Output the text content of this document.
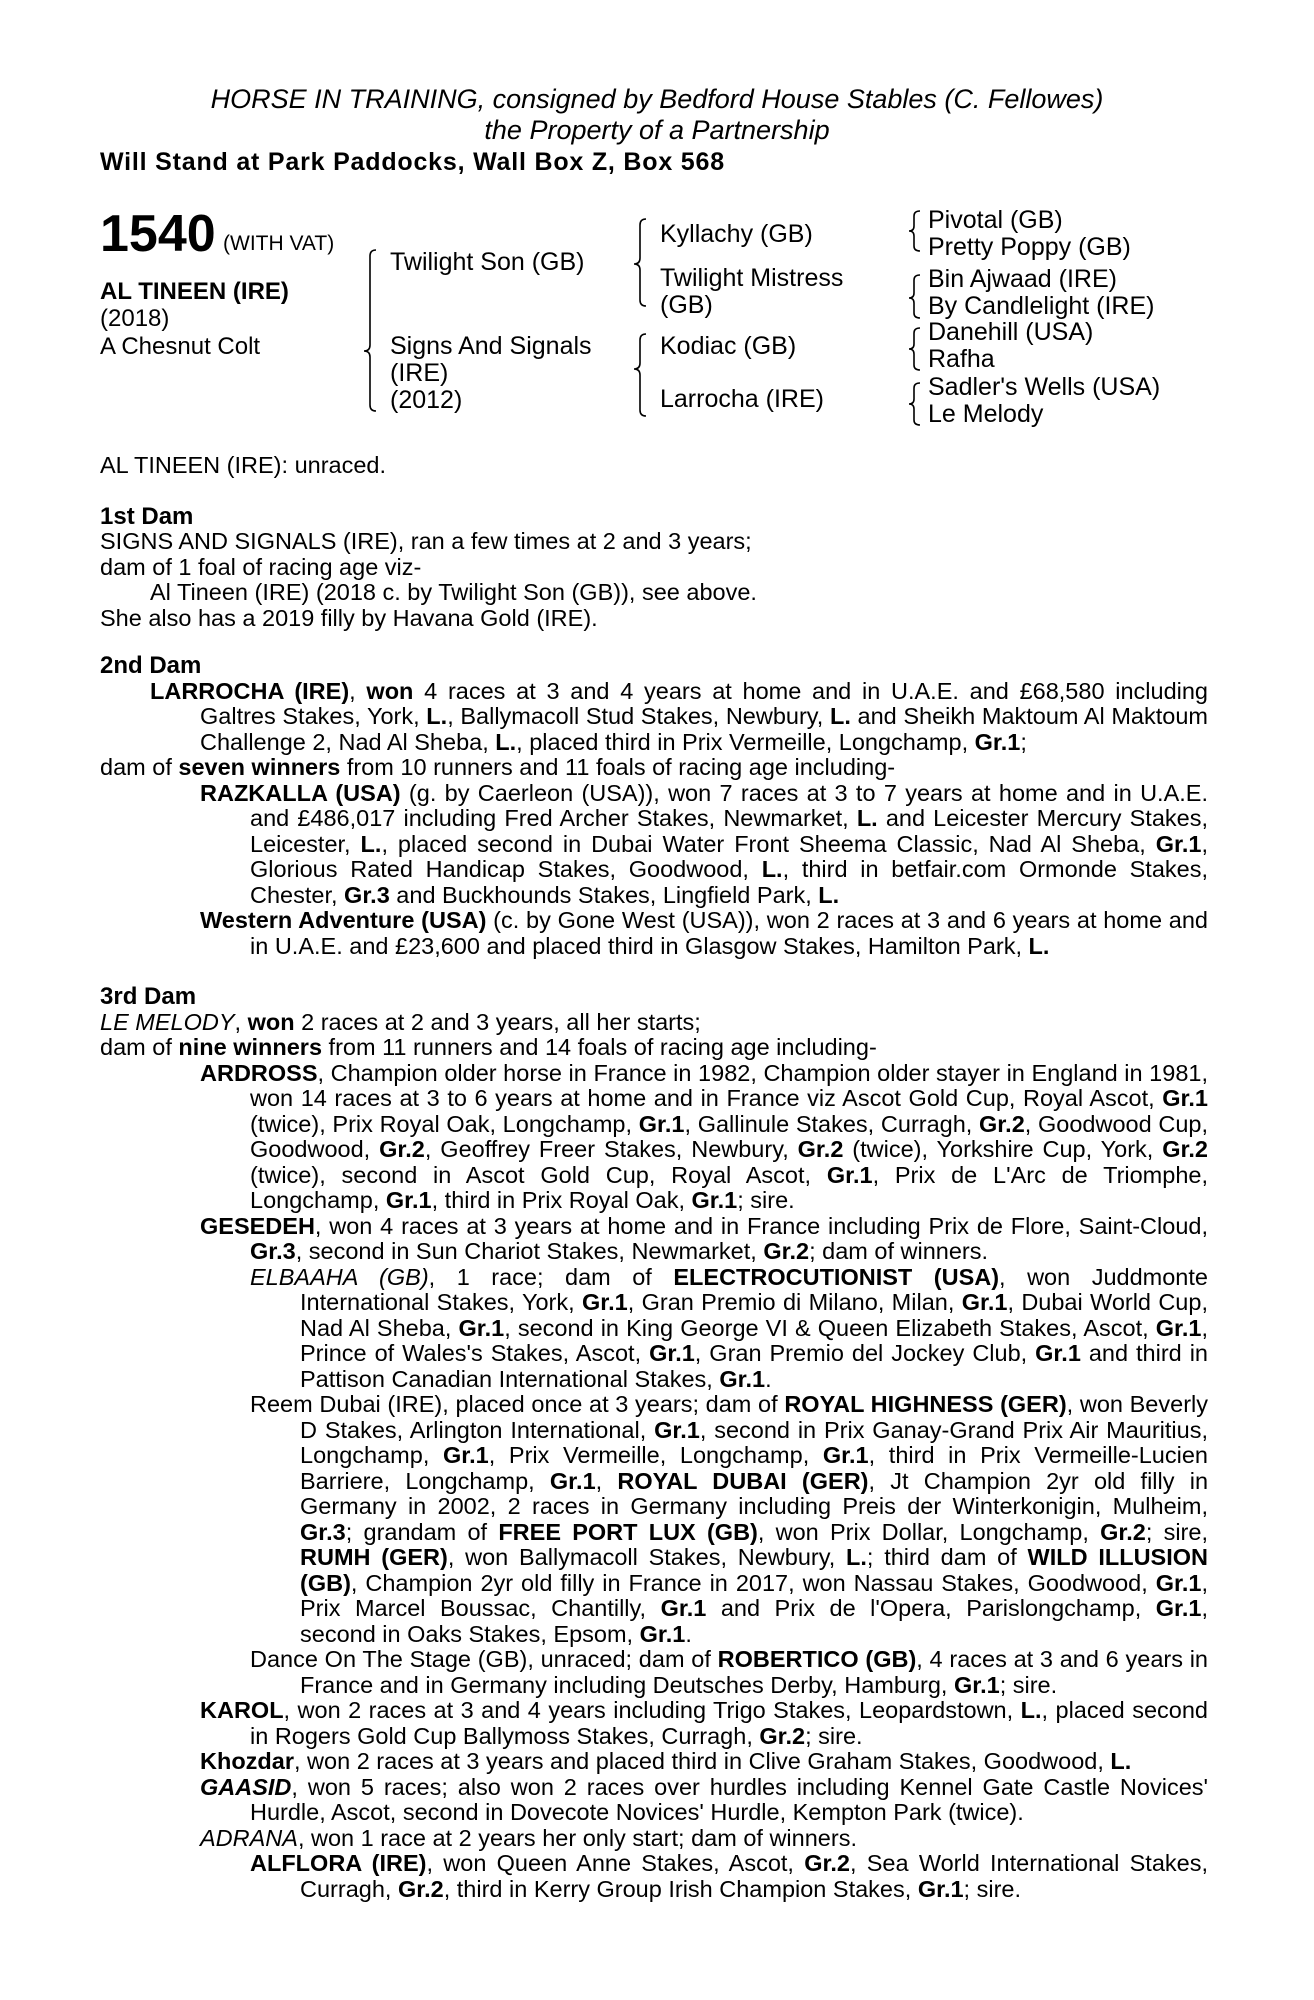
HORSE IN TRAINING, consigned by Bedford House Stables (C. Fellowes)
the Property of a Partnership
Will Stand at Park Paddocks, Wall Box Z, Box 568
1540 (WITH VAT)
AL TINEEN (IRE)
(2018)
A Chesnut Colt
Twilight Son (GB)
Signs And Signals
(IRE)
(2012)
Kyllachy (GB)
Twilight Mistress
(GB)
Kodiac (GB)
Larrocha (IRE)
Pivotal (GB)
Pretty Poppy (GB)
Bin Ajwaad (IRE)
By Candlelight (IRE)
Danehill (USA)
Rafha
Sadler's Wells (USA)
Le Melody

AL TINEEN (IRE): unraced.

1st Dam

SIGNS AND SIGNALS (IRE), ran a few times at 2 and 3 years;

dam of 1 foal of racing age viz-

Al Tineen (IRE) (2018 c. by Twilight Son (GB)), see above.

She also has a 2019 filly by Havana Gold (IRE).

2nd Dam

LARROCHA (IRE), won 4 races at 3 and 4 years at home and in U.A.E. and £68,580 including Galtres Stakes, York, L., Ballymacoll Stud Stakes, Newbury, L. and Sheikh Maktoum Al Maktoum Challenge 2, Nad Al Sheba, L., placed third in Prix Vermeille, Longchamp, Gr.1;

dam of seven winners from 10 runners and 11 foals of racing age including-

RAZKALLA (USA) (g. by Caerleon (USA)), won 7 races at 3 to 7 years at home and in U.A.E. and £486,017 including Fred Archer Stakes, Newmarket, L. and Leicester Mercury Stakes, Leicester, L., placed second in Dubai Water Front Sheema Classic, Nad Al Sheba, Gr.1, Glorious Rated Handicap Stakes, Goodwood, L., third in betfair.com Ormonde Stakes, Chester, Gr.3 and Buckhounds Stakes, Lingfield Park, L.

Western Adventure (USA) (c. by Gone West (USA)), won 2 races at 3 and 6 years at home and in U.A.E. and £23,600 and placed third in Glasgow Stakes, Hamilton Park, L.

3rd Dam

LE MELODY, won 2 races at 2 and 3 years, all her starts;

dam of nine winners from 11 runners and 14 foals of racing age including-

ARDROSS, Champion older horse in France in 1982, Champion older stayer in England in 1981, won 14 races at 3 to 6 years at home and in France viz Ascot Gold Cup, Royal Ascot, Gr.1 (twice), Prix Royal Oak, Longchamp, Gr.1, Gallinule Stakes, Curragh, Gr.2, Goodwood Cup, Goodwood, Gr.2, Geoffrey Freer Stakes, Newbury, Gr.2 (twice), Yorkshire Cup, York, Gr.2 (twice), second in Ascot Gold Cup, Royal Ascot, Gr.1, Prix de L'Arc de Triomphe, Longchamp, Gr.1, third in Prix Royal Oak, Gr.1; sire.

GESEDEH, won 4 races at 3 years at home and in France including Prix de Flore, Saint-Cloud, Gr.3, second in Sun Chariot Stakes, Newmarket, Gr.2; dam of winners.

ELBAAHA (GB), 1 race; dam of ELECTROCUTIONIST (USA), won Juddmonte International Stakes, York, Gr.1, Gran Premio di Milano, Milan, Gr.1, Dubai World Cup, Nad Al Sheba, Gr.1, second in King George VI & Queen Elizabeth Stakes, Ascot, Gr.1, Prince of Wales's Stakes, Ascot, Gr.1, Gran Premio del Jockey Club, Gr.1 and third in Pattison Canadian International Stakes, Gr.1.

Reem Dubai (IRE), placed once at 3 years; dam of ROYAL HIGHNESS (GER), won Beverly D Stakes, Arlington International, Gr.1, second in Prix Ganay-Grand Prix Air Mauritius, Longchamp, Gr.1, Prix Vermeille, Longchamp, Gr.1, third in Prix Vermeille-Lucien Barriere, Longchamp, Gr.1, ROYAL DUBAI (GER), Jt Champion 2yr old filly in Germany in 2002, 2 races in Germany including Preis der Winterkonigin, Mulheim, Gr.3; grandam of FREE PORT LUX (GB), won Prix Dollar, Longchamp, Gr.2; sire, RUMH (GER), won Ballymacoll Stakes, Newbury, L.; third dam of WILD ILLUSION (GB), Champion 2yr old filly in France in 2017, won Nassau Stakes, Goodwood, Gr.1, Prix Marcel Boussac, Chantilly, Gr.1 and Prix de l'Opera, Parislongchamp, Gr.1, second in Oaks Stakes, Epsom, Gr.1.

Dance On The Stage (GB), unraced; dam of ROBERTICO (GB), 4 races at 3 and 6 years in France and in Germany including Deutsches Derby, Hamburg, Gr.1; sire.

KAROL, won 2 races at 3 and 4 years including Trigo Stakes, Leopardstown, L., placed second in Rogers Gold Cup Ballymoss Stakes, Curragh, Gr.2; sire.

Khozdar, won 2 races at 3 years and placed third in Clive Graham Stakes, Goodwood, L.

GAASID, won 5 races; also won 2 races over hurdles including Kennel Gate Castle Novices' Hurdle, Ascot, second in Dovecote Novices' Hurdle, Kempton Park (twice).

ADRANA, won 1 race at 2 years her only start; dam of winners.

ALFLORA (IRE), won Queen Anne Stakes, Ascot, Gr.2, Sea World International Stakes, Curragh, Gr.2, third in Kerry Group Irish Champion Stakes, Gr.1; sire.
